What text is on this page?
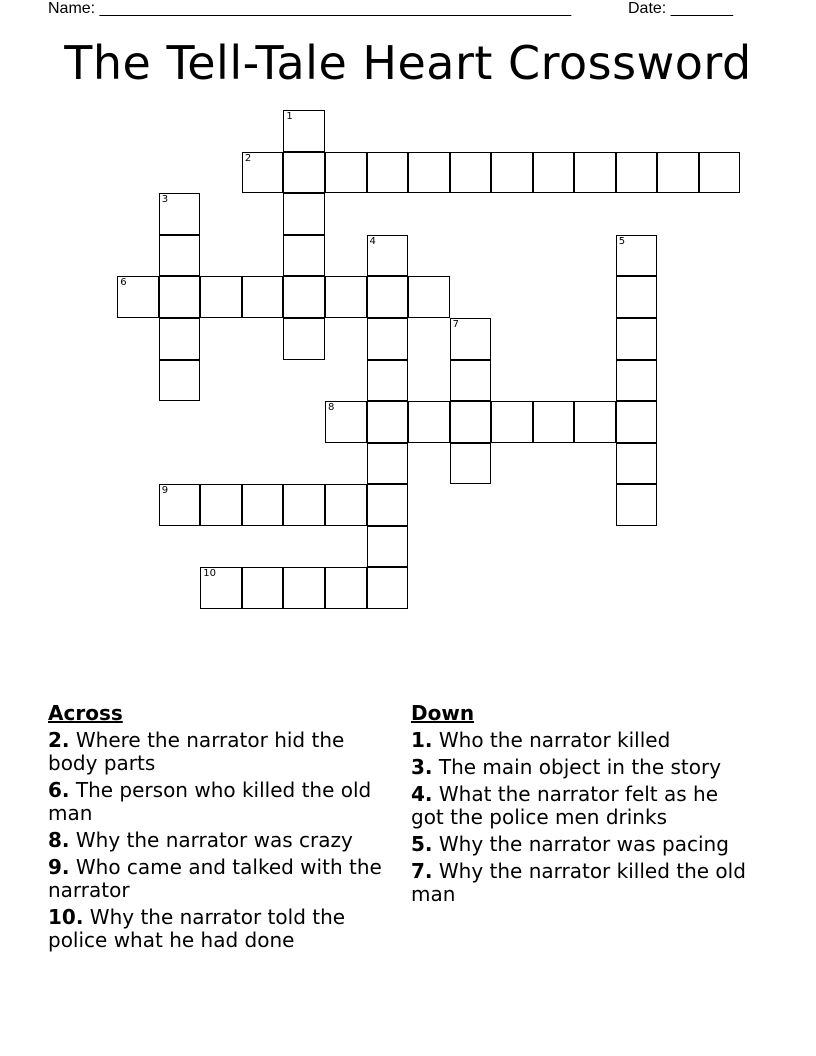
Name: _____________________________________________________	Date: _______
The Tell-Tale Heart Crossword
1
2
3
4	5
6
7
8
9
10
Across
2. Where the narrator hid the body parts
6. The person who killed the old man
8. Why the narrator was crazy
9. Who came and talked with the narrator
10. Why the narrator told the police what he had done
Down
1. Who the narrator killed
3. The main object in the story
4. What the narrator felt as he got the police men drinks
5. Why the narrator was pacing
7. Why the narrator killed the old man
